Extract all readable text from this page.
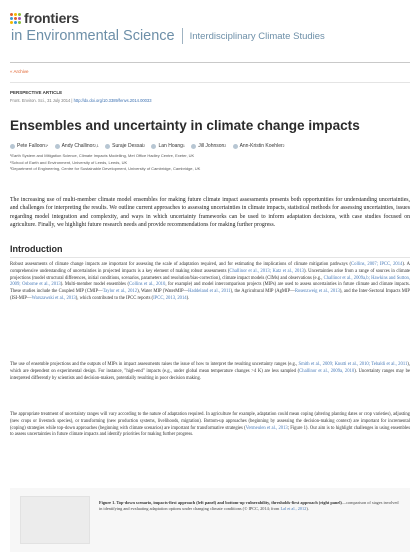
frontiers
in Environmental Science Interdisciplinary Climate Studies
« Archive
PERSPECTIVE ARTICLE
Front. Environ. Sci., 31 July 2014 | http://dx.doi.org/10.3389/fenvs.2014.00033
Ensembles and uncertainty in climate change impacts
Pete Falloon 1*
	Andy Challinor 2,1
	Suraje Dessai 2
	Lan Hoang 1
	Jill Johnson 2
	Ann-Kristin Koehler 2
¹Earth System and Mitigation Science, Climate Impacts Modelling, Met Office Hadley Centre, Exeter, UK
²School of Earth and Environment, University of Leeds, Leeds, UK
³Department of Engineering, Centre for Sustainable Development, University of Cambridge, Cambridge, UK

The increasing use of multi-member climate model ensembles for making future climate impact assessments presents both opportunities for understanding uncertainties, and challenges for interpreting the results. We outline current approaches to assessing uncertainties in climate impacts, statistical methods for assessing uncertainties, issues regarding model integration and complexity, and ways in which uncertainty frameworks can be used to inform adaptation decisions, with case studies focused on agriculture. Finally, we highlight future research needs and provide recommendations for making further progress.

Introduction

Robust assessments of climate change impacts are important for assessing the scale of adaptation required, and for estimating the implications of climate mitigation pathways (Collins, 2007; IPCC, 2014). A comprehensive understanding of uncertainties in projected impacts is a key element of making robust assessments (Challinor et al., 2013; Katz et al., 2013). Uncertainties arise from a range of sources in climate projections (model structural differences, initial conditions, scenarios, parameters and resolution/bias-correction), climate impact models (CIMs) and observations (e.g., Challinor et al., 2009a,b; Hawkins and Sutton, 2009; Osborne et al., 2013). Multi-member model ensembles (Collins et al., 2010, for example) and model intercomparison projects (MIPs) are used to assess uncertainties in future climate and climate impacts. These studies include the Coupled MIP (CMIP—Taylor et al., 2012), Water MIP (WaterMIP—Haddeland et al., 2011), the Agricultural MIP (AgMIP—Rosenzweig et al., 2013), and the Inter-Sectoral Impacts MIP (ISI-MIP—Warszawski et al., 2013), which contributed to the IPCC reports (IPCC, 2013, 2014).

The use of ensemble projections and the outputs of MIPs in impact assessments raises the issue of how to interpret the resulting uncertainty ranges (e.g., Smith et al., 2009; Knutti et al., 2010; Tebaldi et al., 2011), which are dependent on experimental design. For instance, "high-end" impacts (e.g., under global mean temperature changes >4 K) are less sampled (Challinor et al., 2009a, 2010). Uncertainty ranges may be interpreted differently by scientists and decision-makers, potentially resulting in poor decision making.

The appropriate treatment of uncertainty ranges will vary according to the nature of adaptation required. In agriculture for example, adaptation could mean coping (altering planting dates or crop varieties), adjusting (new crops or livestock species), or transforming (new production systems, livelihoods, migration). Bottom-up approaches (beginning by assessing the decision-making context) are important for incremental (coping) strategies while top-down approaches (beginning with climate scenarios) are important for transformative strategies (Vermeulen et al., 2013; Figure 1). Our aim is to highlight challenges in using ensembles to assess uncertainties in future climate impacts and identify priorities for making further progress.

Figure 1. Top-down scenario, impacts-first approach (left panel) and bottom-up vulnerability, thresholds-first approach (right panel)—comparison of stages involved in identifying and evaluating adaptation options under changing climate conditions (© IPCC, 2014; from Lal et al., 2012).
